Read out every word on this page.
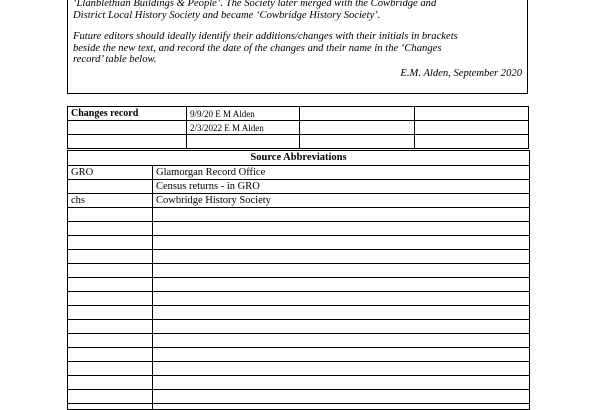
‘Llanblethian Buildings & People’. The Society later merged with the Cowbridge and

District Local History Society and became ‘Cowbridge History Society’.

Future editors should ideally identify their additions/changes with their initials in brackets

beside the new text, and record the date of the changes and their name in the ‘Changes

record’ table below.

E.M. Alden, September 2020

Changes record	9/9/20 E M Alden		
	2/3/2022 E M Alden		

Source Abbreviations
GRO	Glamorgan Record Office
	Census returns - in GRO
chs	Cowbridge History Society
